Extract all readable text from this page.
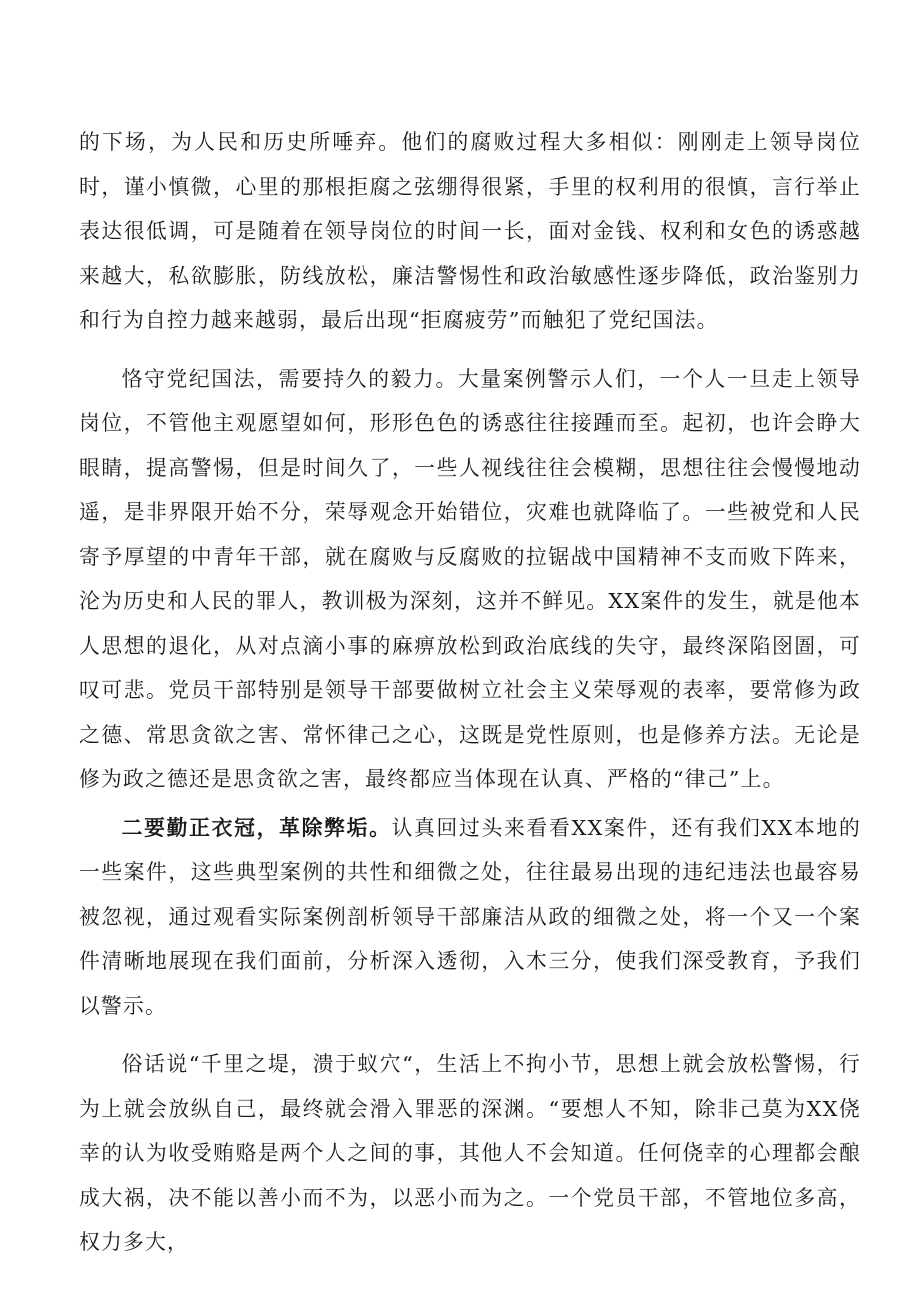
的下场，为人民和历史所唾弃。他们的腐败过程大多相似：刚刚走上领导岗位时，谨小慎微，心里的那根拒腐之弦绷得很紧，手里的权利用的很慎，言行举止表达很低调，可是随着在领导岗位的时间一长，面对金钱、权利和女色的诱惑越来越大，私欲膨胀，防线放松，廉洁警惕性和政治敏感性逐步降低，政治鉴别力和行为自控力越来越弱，最后出现“拒腐疲劳”而触犯了党纪国法。

恪守党纪国法，需要持久的毅力。大量案例警示人们，一个人一旦走上领导岗位，不管他主观愿望如何，形形色色的诱惑往往接踵而至。起初，也许会睁大眼睛，提高警惕，但是时间久了，一些人视线往往会模糊，思想往往会慢慢地动遥，是非界限开始不分，荣辱观念开始错位，灾难也就降临了。一些被党和人民寄予厚望的中青年干部，就在腐败与反腐败的拉锯战中国精神不支而败下阵来，沦为历史和人民的罪人，教训极为深刻，这并不鲜见。XX案件的发生，就是他本人思想的退化，从对点滴小事的麻痹放松到政治底线的失守，最终深陷囹圄，可叹可悲。党员干部特别是领导干部要做树立社会主义荣辱观的表率，要常修为政之德、常思贪欲之害、常怀律己之心，这既是党性原则，也是修养方法。无论是修为政之德还是思贪欲之害，最终都应当体现在认真、严格的“律己”上。

二要勤正衣冠，革除弊垢。认真回过头来看看XX案件，还有我们XX本地的一些案件，这些典型案例的共性和细微之处，往往最易出现的违纪违法也最容易被忽视，通过观看实际案例剖析领导干部廉洁从政的细微之处，将一个又一个案件清晰地展现在我们面前，分析深入透彻，入木三分，使我们深受教育，予我们以警示。

俗话说“千里之堤，溃于蚁穴“，生活上不拘小节，思想上就会放松警惕，行为上就会放纵自己，最终就会滑入罪恶的深渊。“要想人不知，除非己莫为XX侥幸的认为收受贿赂是两个人之间的事，其他人不会知道。任何侥幸的心理都会酿成大祸，决不能以善小而不为，以恶小而为之。一个党员干部，不管地位多高，权力多大，
